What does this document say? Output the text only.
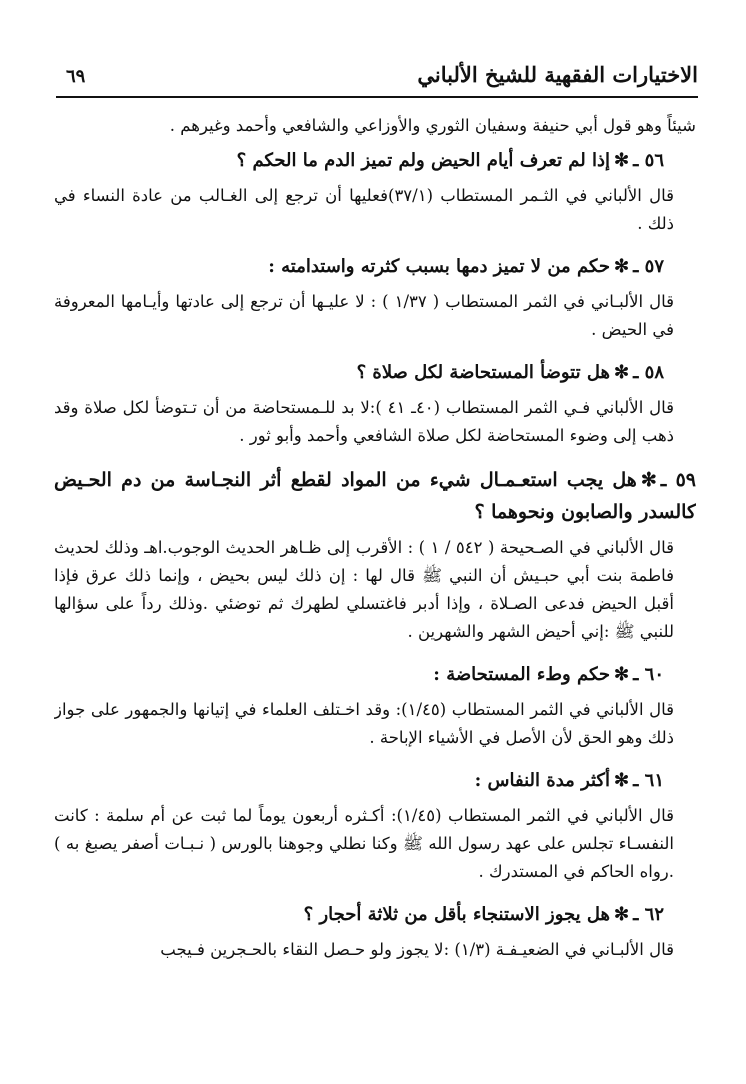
الاختيارات الفقهية للشيخ الألباني
٦٩

شيئاً وهو قول أبي حنيفة وسفيان الثوري والأوزاعي والشافعي وأحمد وغيرهم .

٥٦ ـ✻إذا لم تعرف أيام الحيض ولم تميز الدم ما الحكم ؟

قال الألباني في الثـمر المستطاب (٣٧/١)فعليها أن ترجع إلى الغـالب من عادة النساء في ذلك .

٥٧ ـ✻حكم من لا تميز دمها بسبب كثرته واستدامته :

قال الألبـاني في الثمر المستطاب ( ١/٣٧ ) : لا عليـها أن ترجع إلى عادتها وأيـامها المعروفة في الحيض .

٥٨ ـ✻هل تتوضأ المستحاضة لكل صلاة ؟

قال الألباني فـي الثمر المستطاب (٤٠ـ ٤١ ):لا بد للـمستحاضة من أن تـتوضأ لكل صلاة وقد ذهب إلى وضوء المستحاضة لكل صلاة الشافعي وأحمد وأبو ثور .

٥٩ ـ✻هل يجب استعـمـال شيء من المواد لقطع أثر النجـاسة من دم الحـيض كالسدر والصابون ونحوهما ؟

قال الألباني في الصـحيحة ( ٥٤٢ / ١ ) : الأقرب إلى ظـاهر الحديث الوجوب.اهـ وذلك لحديث فاطمة بنت أبي حبـيش أن النبي ﷺ قال لها : إن ذلك ليس بحيض ، وإنما ذلك عرق فإذا أقبل الحيض فدعى الصـلاة ، وإذا أدبر فاغتسلي لطهرك ثم توضئي .وذلك رداً على سؤالها للنبي ﷺ :إني أحيض الشهر والشهرين .

٦٠ ـ✻حكم وطء المستحاضة :

قال الألباني في الثمر المستطاب (١/٤٥): وقد اخـتلف العلماء في إتيانها والجمهور على جواز ذلك وهو الحق لأن الأصل في الأشياء الإباحة .

٦١ ـ✻أكثر مدة النفاس :

قال الألباني في الثمر المستطاب (١/٤٥): أكـثره أربعون يوماً لما ثبت عن أم سلمة : كانت النفسـاء تجلس على عهد رسول الله ﷺ وكنا نطلي وجوهنا بالورس ( نـبـات أصفر يصبغ به ) .رواه الحاكم في المستدرك .

٦٢ ـ✻هل يجوز الاستنجاء بأقل من ثلاثة أحجار ؟

قال الألبـاني في الضعيـفـة (١/٣) :لا يجوز ولو حـصل النقاء بالحـجرين فـيجب
